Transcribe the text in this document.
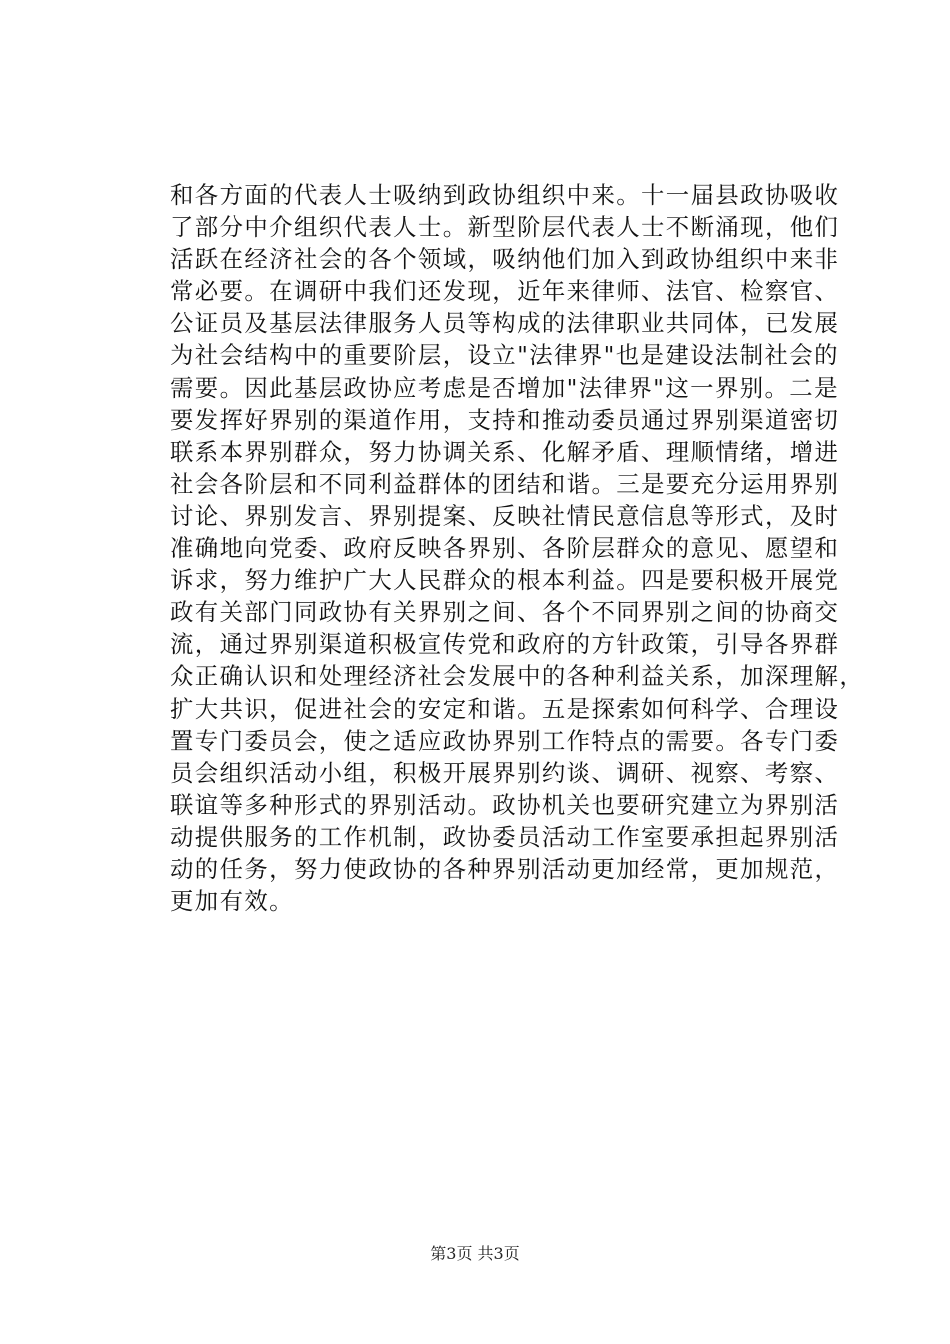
和各方面的代表人士吸纳到政协组织中来。十一届县政协吸收
了部分中介组织代表人士。新型阶层代表人士不断涌现，他们
活跃在经济社会的各个领域，吸纳他们加入到政协组织中来非
常必要。在调研中我们还发现，近年来律师、法官、检察官、
公证员及基层法律服务人员等构成的法律职业共同体，已发展
为社会结构中的重要阶层，设立"法律界"也是建设法制社会的
需要。因此基层政协应考虑是否增加"法律界"这一界别。二是
要发挥好界别的渠道作用，支持和推动委员通过界别渠道密切
联系本界别群众，努力协调关系、化解矛盾、理顺情绪，增进
社会各阶层和不同利益群体的团结和谐。三是要充分运用界别
讨论、界别发言、界别提案、反映社情民意信息等形式，及时
准确地向党委、政府反映各界别、各阶层群众的意见、愿望和
诉求，努力维护广大人民群众的根本利益。四是要积极开展党
政有关部门同政协有关界别之间、各个不同界别之间的协商交
流，通过界别渠道积极宣传党和政府的方针政策，引导各界群
众正确认识和处理经济社会发展中的各种利益关系，加深理解，
扩大共识，促进社会的安定和谐。五是探索如何科学、合理设
置专门委员会，使之适应政协界别工作特点的需要。各专门委
员会组织活动小组，积极开展界别约谈、调研、视察、考察、
联谊等多种形式的界别活动。政协机关也要研究建立为界别活
动提供服务的工作机制，政协委员活动工作室要承担起界别活
动的任务，努力使政协的各种界别活动更加经常，更加规范，
更加有效。
第3页 共3页
